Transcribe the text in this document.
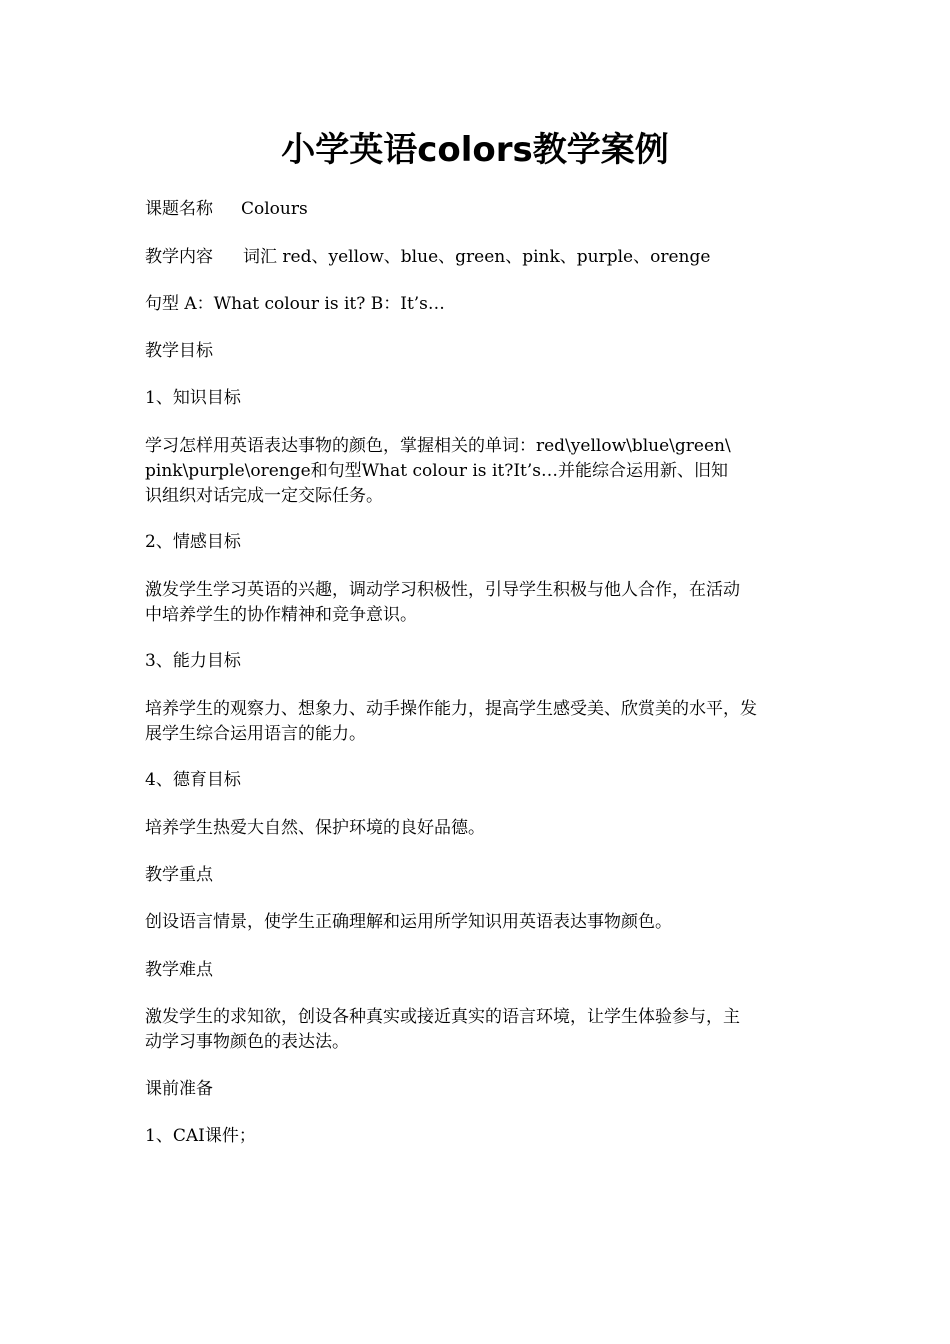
小学英语colors教学案例
课题名称 Colours
教学内容 词汇 red、yellow、blue、green、pink、purple、orenge
句型 A：What colour is it? B：It’s…
教学目标
1、知识目标
学习怎样用英语表达事物的颜色，掌握相关的单词：red\yellow\blue\green\
pink\purple\orenge和句型What colour is it?It’s…并能综合运用新、旧知
识组织对话完成一定交际任务。
2、情感目标
激发学生学习英语的兴趣，调动学习积极性，引导学生积极与他人合作，在活动
中培养学生的协作精神和竞争意识。
3、能力目标
培养学生的观察力、想象力、动手操作能力，提高学生感受美、欣赏美的水平，发
展学生综合运用语言的能力。
4、德育目标
培养学生热爱大自然、保护环境的良好品德。
教学重点
创设语言情景，使学生正确理解和运用所学知识用英语表达事物颜色。
教学难点
激发学生的求知欲，创设各种真实或接近真实的语言环境，让学生体验参与，主
动学习事物颜色的表达法。
课前准备
1、CAI课件；
